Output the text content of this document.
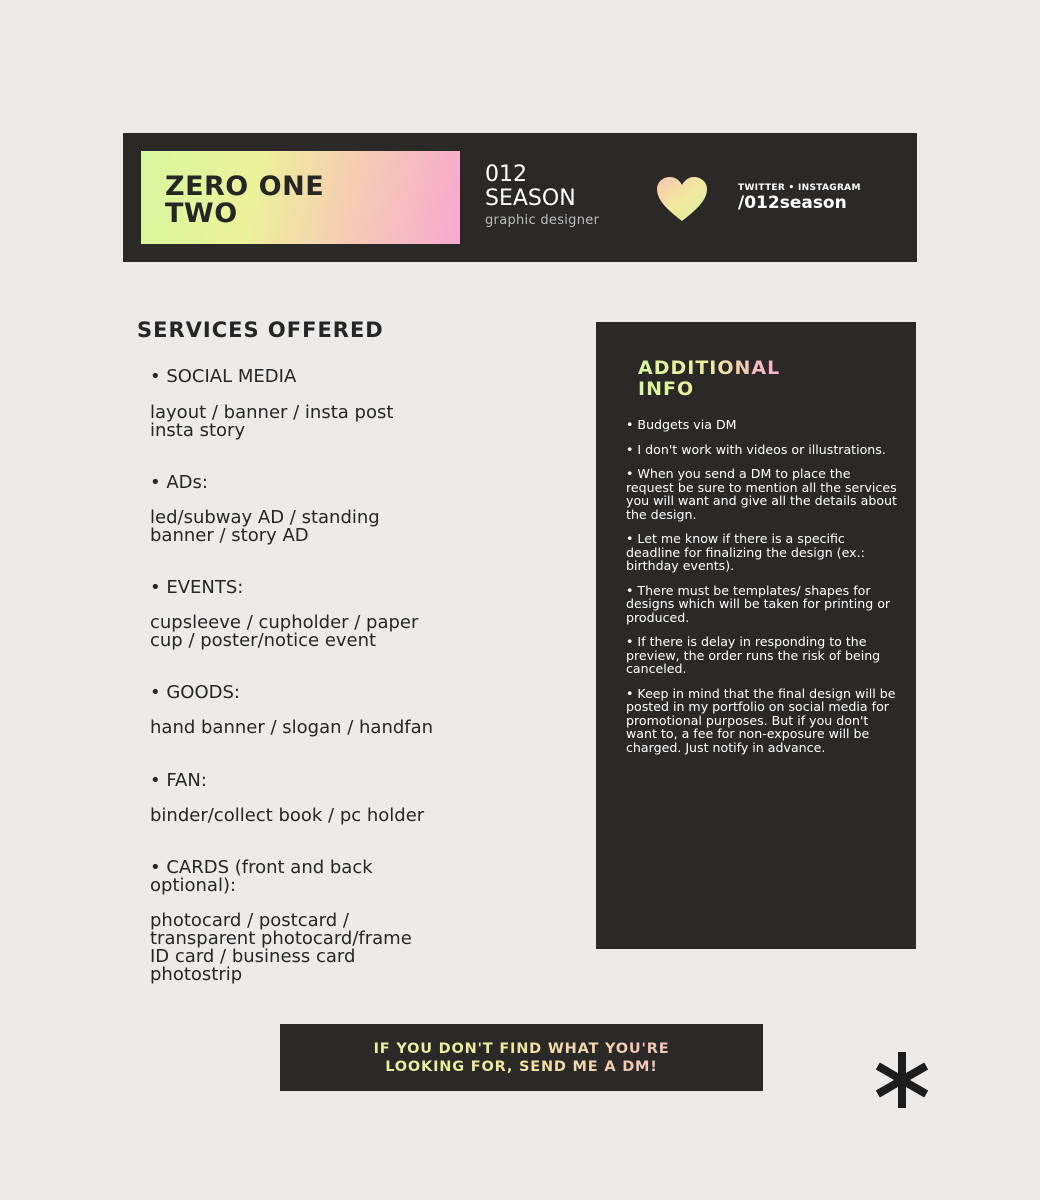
ZERO ONE
TWO
012
SEASON
graphic designer
TWITTER • INSTAGRAM
/012season
SERVICES OFFERED
• SOCIAL MEDIA
layout / banner / insta post
insta story
• ADs:
led/subway AD / standing
banner / story AD
• EVENTS:
cupsleeve / cupholder / paper
cup / poster/notice event
• GOODS:
hand banner / slogan / handfan
• FAN:
binder/collect book / pc holder
• CARDS (front and back
optional):
photocard / postcard /
transparent photocard/frame
ID card / business card
photostrip
ADDITIONAL
INFO

• Budgets via DM

• I don't work with videos or illustrations.

• When you send a DM to place the request be sure to mention all the services you will want and give all the details about the design.

• Let me know if there is a specific deadline for finalizing the design (ex.: birthday events).

• There must be templates/ shapes for designs which will be taken for printing or produced.

• If there is delay in responding to the preview, the order runs the risk of being canceled.

• Keep in mind that the final design will be posted in my portfolio on social media for promotional purposes. But if you don't want to, a fee for non-exposure will be charged. Just notify in advance.

IF YOU DON'T FIND WHAT YOU'RE
LOOKING FOR, SEND ME A DM!
